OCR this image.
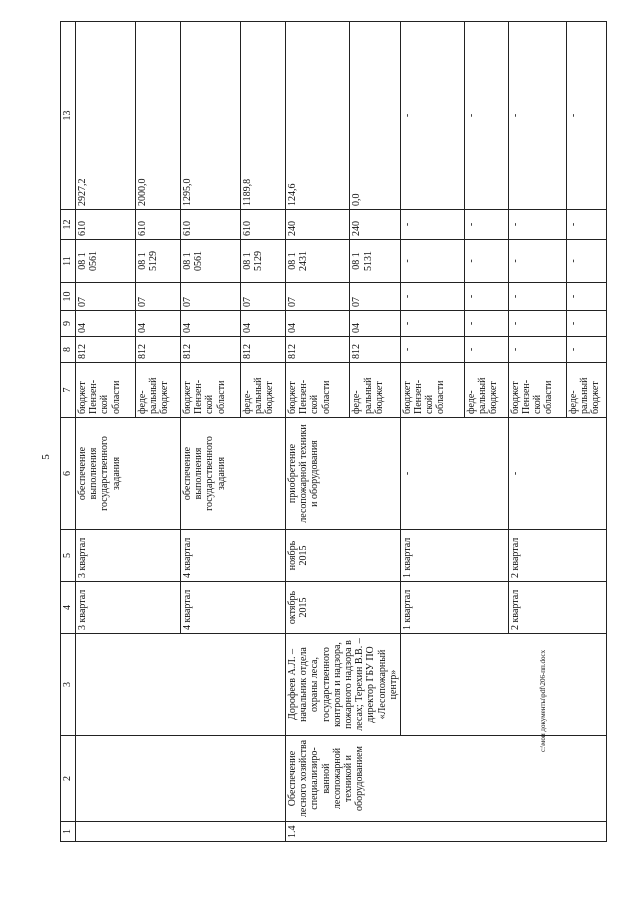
5
1	2	3	4	5	6	7	8	9	10	11	12	13
			3 квартал	3 квартал	обеспечение выполнения государственного задания	бюджет Пензен-ской области	812	04	07	08 1 0561	610	2927,2
						феде-ральный бюджет	812	04	07	08 1 5129	610	2000,0
			4 квартал	4 квартал	обеспечение выполнения государственного задания	бюджет Пензен-ской области	812	04	07	08 1 0561	610	1295,0
						феде-ральный бюджет	812	04	07	08 1 5129	610	1189,8
1.4	Обеспечение лесного хозяйства специализиро-ванной лесопожарной техникой и оборудованием	Дорофеев А.Л. – начальник отдела охраны леса, государственного контроля и надзора, пожарного надзора в лесах; Терехин В.В. – директор ГБУ ПО «Лесопожарный центр»	октябрь 2015	ноябрь 2015	приобретение лесопожарной техники и оборудования	бюджет Пензен-ской области	812	04	07	08 1 2431	240	124,6
						феде-ральный бюджет	812	04	07	08 1 5131	240	0,0
			1 квартал	1 квартал	-	бюджет Пензен-ской области	-	-	-	-	-	-
						феде-ральный бюджет	-	-	-	-	-	-
			2 квартал	2 квартал	-	бюджет Пензен-ской области	-	-	-	-	-	-
						феде-ральный бюджет	-	-	-	-	-	-
c:\мои документы\pdf\206-пп.docx
